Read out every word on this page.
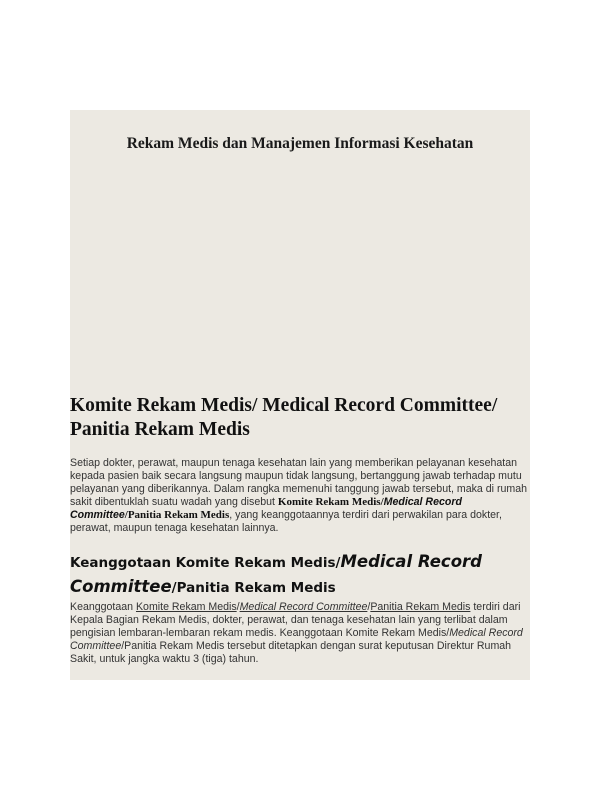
Rekam Medis dan Manajemen Informasi Kesehatan
Komite Rekam Medis/ Medical Record Committee/ Panitia Rekam Medis

Setiap dokter, perawat, maupun tenaga kesehatan lain yang memberikan pelayanan kesehatan kepada pasien baik secara langsung maupun tidak langsung, bertanggung jawab terhadap mutu pelayanan yang diberikannya. Dalam rangka memenuhi tanggung jawab tersebut, maka di rumah sakit dibentuklah suatu wadah yang disebut Komite Rekam Medis/Medical Record Committee/Panitia Rekam Medis, yang keanggotaannya terdiri dari perwakilan para dokter, perawat, maupun tenaga kesehatan lainnya.

Keanggotaan Komite Rekam Medis/Medical Record Committee/Panitia Rekam Medis

Keanggotaan Komite Rekam Medis/Medical Record Committee/Panitia Rekam Medis terdiri dari Kepala Bagian Rekam Medis, dokter, perawat, dan tenaga kesehatan lain yang terlibat dalam pengisian lembaran-lembaran rekam medis. Keanggotaan Komite Rekam Medis/Medical Record Committee/Panitia Rekam Medis tersebut ditetapkan dengan surat keputusan Direktur Rumah Sakit, untuk jangka waktu 3 (tiga) tahun.
